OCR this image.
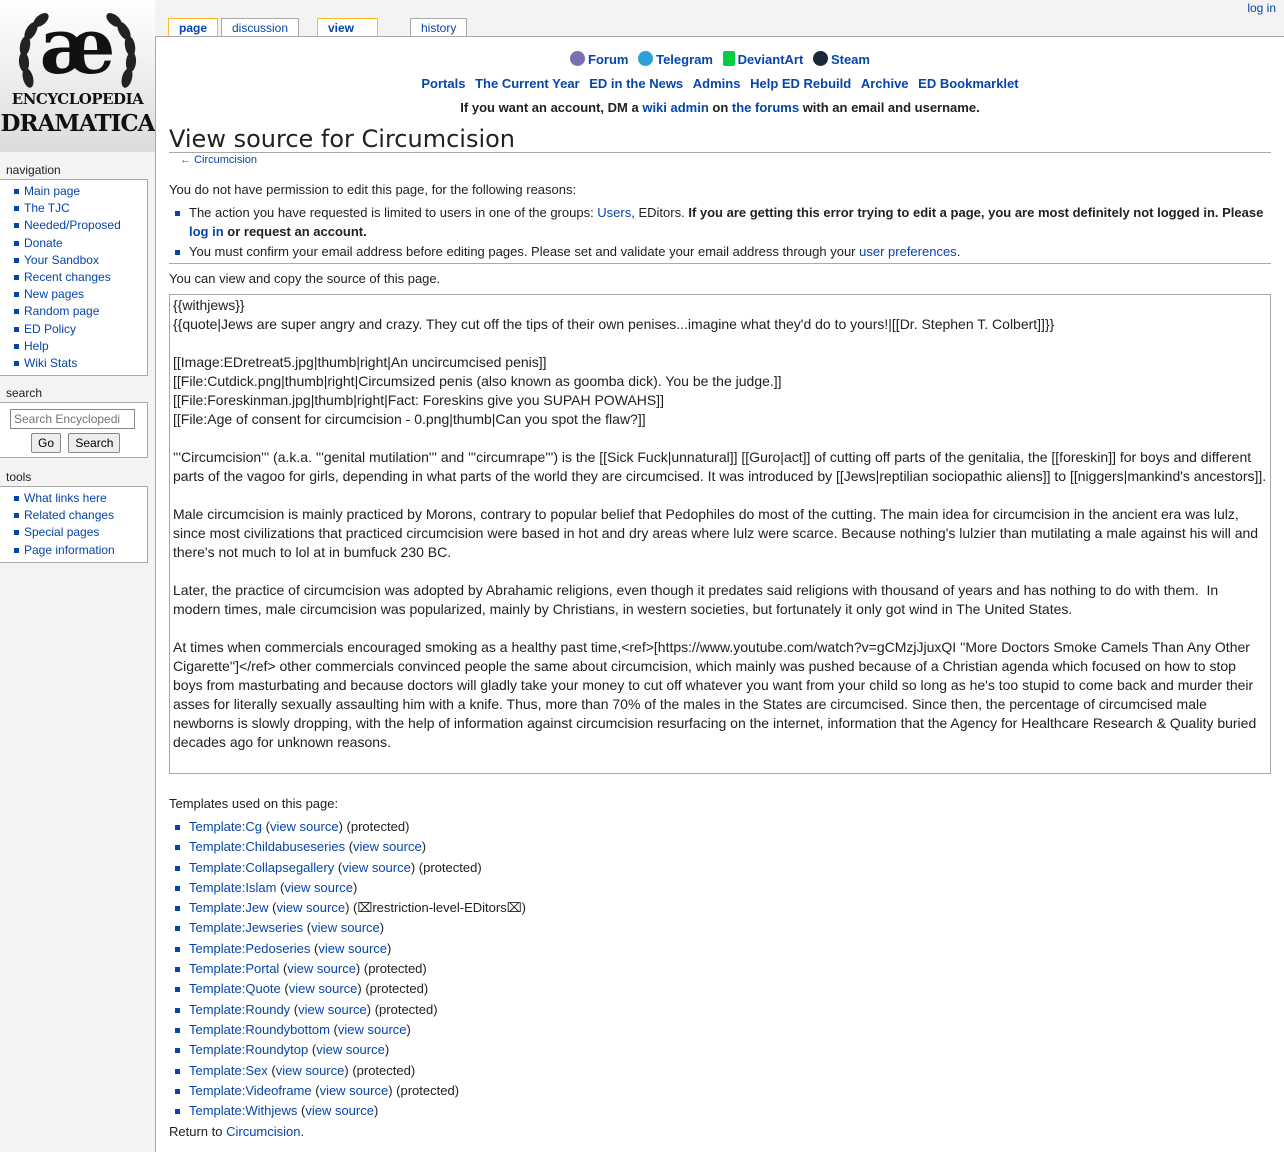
æ
ENCYCLOPEDIA
DRAMATICA
log in
page	discussion	view	history
Forum Telegram DeviantArt Steam
Portals The Current Year ED in the News Admins Help ED Rebuild Archive ED Bookmarklet
If you want an account, DM a wiki admin on the forums with an email and username.
View source for Circumcision
← Circumcision

You do not have permission to edit this page, for the following reasons:

The action you have requested is limited to users in one of the groups: Users, EDitors. If you are getting this error trying to edit a page, you are most definitely not logged in. Please log in or request an account.
You must confirm your email address before editing pages. Please set and validate your email address through your user preferences.

You can view and copy the source of this page.

{{withjews}} {{quote|Jews are super angry and crazy. They cut off the tips of their own penises...imagine what they'd do to yours!|[[Dr. Stephen T. Colbert]]}} [[Image:EDretreat5.jpg|thumb|right|An uncircumcised penis]] [[File:Cutdick.png|thumb|right|Circumsized penis (also known as goomba dick). You be the judge.]] [[File:Foreskinman.jpg|thumb|right|Fact: Foreskins give you SUPAH POWAHS]] [[File:Age of consent for circumcision - 0.png|thumb|Can you spot the flaw?]] '''Circumcision''' (a.k.a. '''genital mutilation''' and '''circumrape''') is the [[Sick Fuck|unnatural]] [[Guro|act]] of cutting off parts of the genitalia, the [[foreskin]] for boys and different parts of the vagoo for girls, depending in what parts of the world they are circumcised. It was introduced by [[Jews|reptilian sociopathic aliens]] to [[niggers|mankind's ancestors]]. Male circumcision is mainly practiced by Morons, contrary to popular belief that Pedophiles do most of the cutting. The main idea for circumcision in the ancient era was lulz, since most civilizations that practiced circumcision were based in hot and dry areas where lulz were scarce. Because nothing's lulzier than mutilating a male against his will and there's not much to lol at in bumfuck 230 BC. Later, the practice of circumcision was adopted by Abrahamic religions, even though it predates said religions with thousand of years and has nothing to do with them. In modern times, male circumcision was popularized, mainly by Christians, in western societies, but fortunately it only got wind in The United States. At times when commercials encouraged smoking as a healthy past time,<ref>[https://www.youtube.com/watch?v=gCMzjJjuxQI ''More Doctors Smoke Camels Than Any Other Cigarette'']</ref> other commercials convinced people the same about circumcision, which mainly was pushed because of a Christian agenda which focused on how to stop boys from masturbating and because doctors will gladly take your money to cut off whatever you want from your child so long as he's too stupid to come back and murder their asses for literally sexually assaulting him with a knife. Thus, more than 70% of the males in the States are circumcised. Since then, the percentage of circumcised male newborns is slowly dropping, with the help of information against circumcision resurfacing on the internet, information that the Agency for Healthcare Research & Quality buried decades ago for unknown reasons.

Templates used on this page:

Template:Cg (view source) (protected)
Template:Childabuseseries (view source)
Template:Collapsegallery (view source) (protected)
Template:Islam (view source)
Template:Jew (view source) (⌧restriction-level-EDitors⌧)
Template:Jewseries (view source)
Template:Pedoseries (view source)
Template:Portal (view source) (protected)
Template:Quote (view source) (protected)
Template:Roundy (view source) (protected)
Template:Roundybottom (view source)
Template:Roundytop (view source)
Template:Sex (view source) (protected)
Template:Videoframe (view source) (protected)
Template:Withjews (view source)

Return to Circumcision.

navigation
Main page
The TJC
Needed/Proposed
Donate
Your Sandbox
Recent changes
New pages
Random page
ED Policy
Help
Wiki Stats
search
Search Encyclopedi
Go Search
tools
What links here
Related changes
Special pages
Page information
